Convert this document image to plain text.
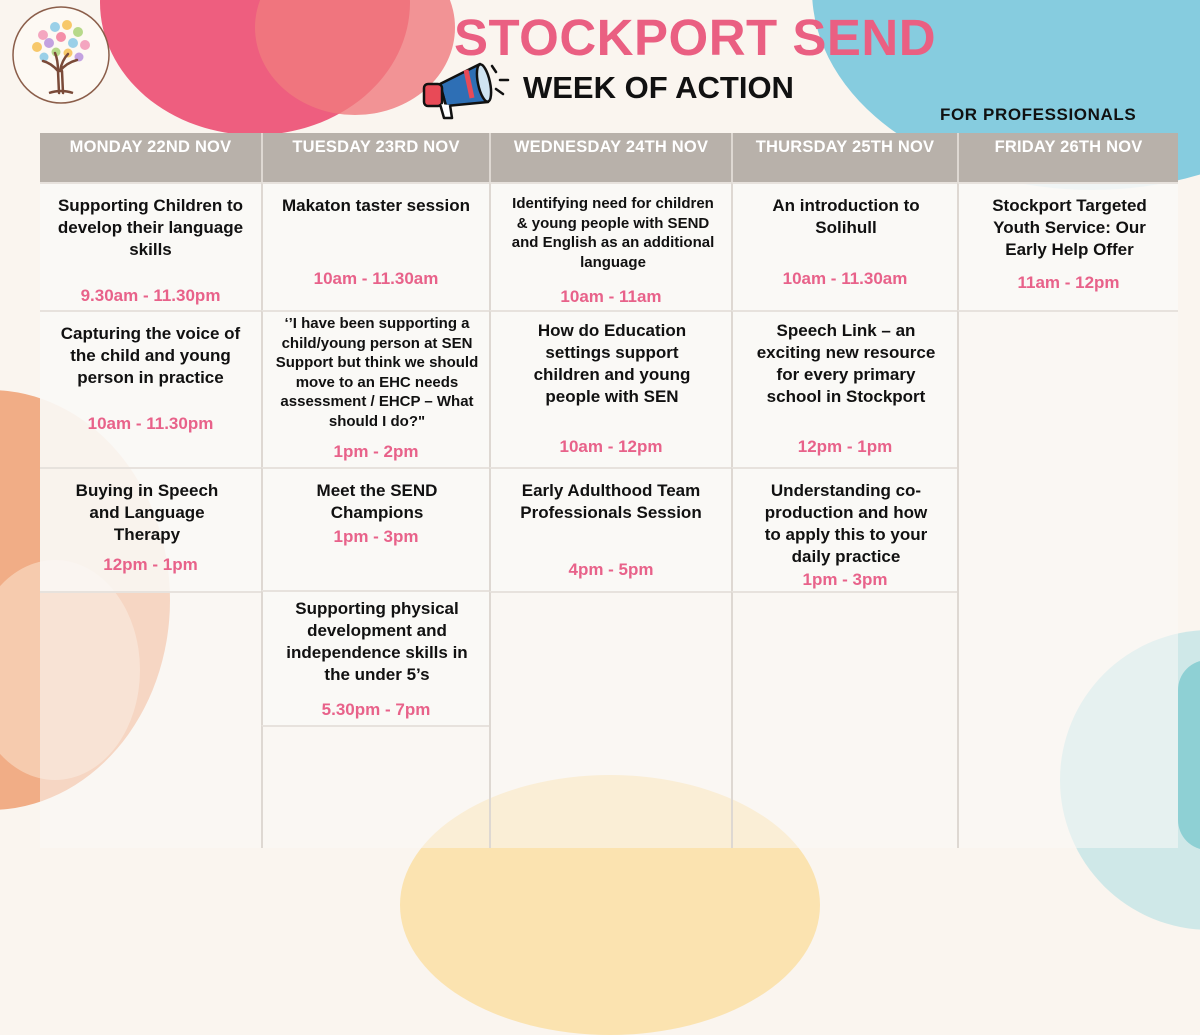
STOCKPORT SEND
WEEK OF ACTION
FOR PROFESSIONALS
MONDAY 22ND NOV
Supporting Children to develop their language skills
9.30am - 11.30pm
Capturing the voice of the child and young person in practice
10am - 11.30pm
Buying in Speech and Language Therapy
12pm - 1pm
TUESDAY 23RD NOV
Makaton taster session
10am - 11.30am
‘’I have been supporting a child/young person at SEN Support but think we should move to an EHC needs assessment / EHCP – What should I do?"
1pm - 2pm
Meet the SEND Champions
1pm - 3pm
Supporting physical development and independence skills in the under 5’s
5.30pm - 7pm
WEDNESDAY 24TH NOV
Identifying need for children & young people with SEND and English as an additional language
10am - 11am
How do Education settings support children and young people with SEN
10am - 12pm
Early Adulthood Team Professionals Session
4pm - 5pm
THURSDAY 25TH NOV
An introduction to Solihull
10am - 11.30am
Speech Link – an exciting new resource for every primary school in Stockport
12pm - 1pm
Understanding co-production and how to apply this to your daily practice
1pm - 3pm
FRIDAY 26TH NOV
Stockport Targeted Youth Service: Our Early Help Offer
11am - 12pm
